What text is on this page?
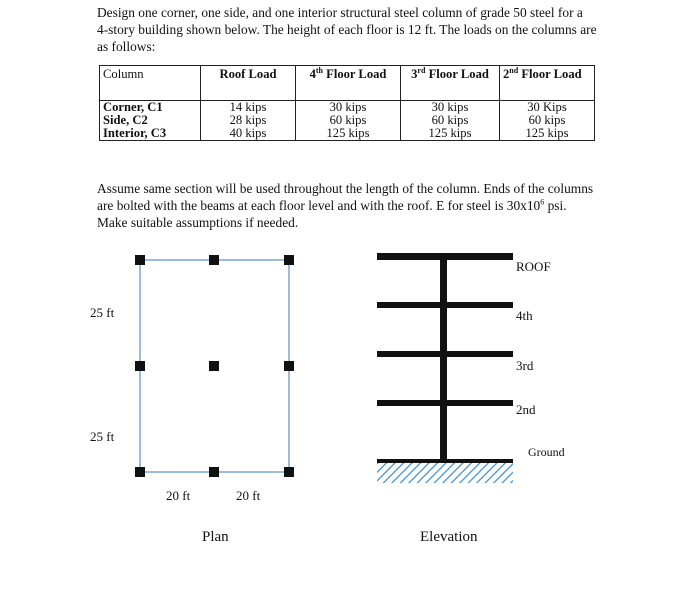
Design one corner, one side, and one interior structural steel column of grade 50 steel for a 4-story building shown below. The height of each floor is 12 ft. The loads on the columns are as follows:

Column	Roof Load	4th Floor Load	3rd Floor Load	2nd Floor Load
Corner, C1	14 kips	30 kips	30 kips	30 Kips
Side, C2	28 kips	60 kips	60 kips	60 kips
Interior, C3	40 kips	125 kips	125 kips	125 kips

Assume same section will be used throughout the length of the column. Ends of the columns are bolted with the beams at each floor level and with the roof. E for steel is $30x10^6$ psi. Make suitable assumptions if needed.

25 ft
25 ft
20 ft	20 ft
Plan
ROOF
4th
3rd
2nd
Ground
Elevation
